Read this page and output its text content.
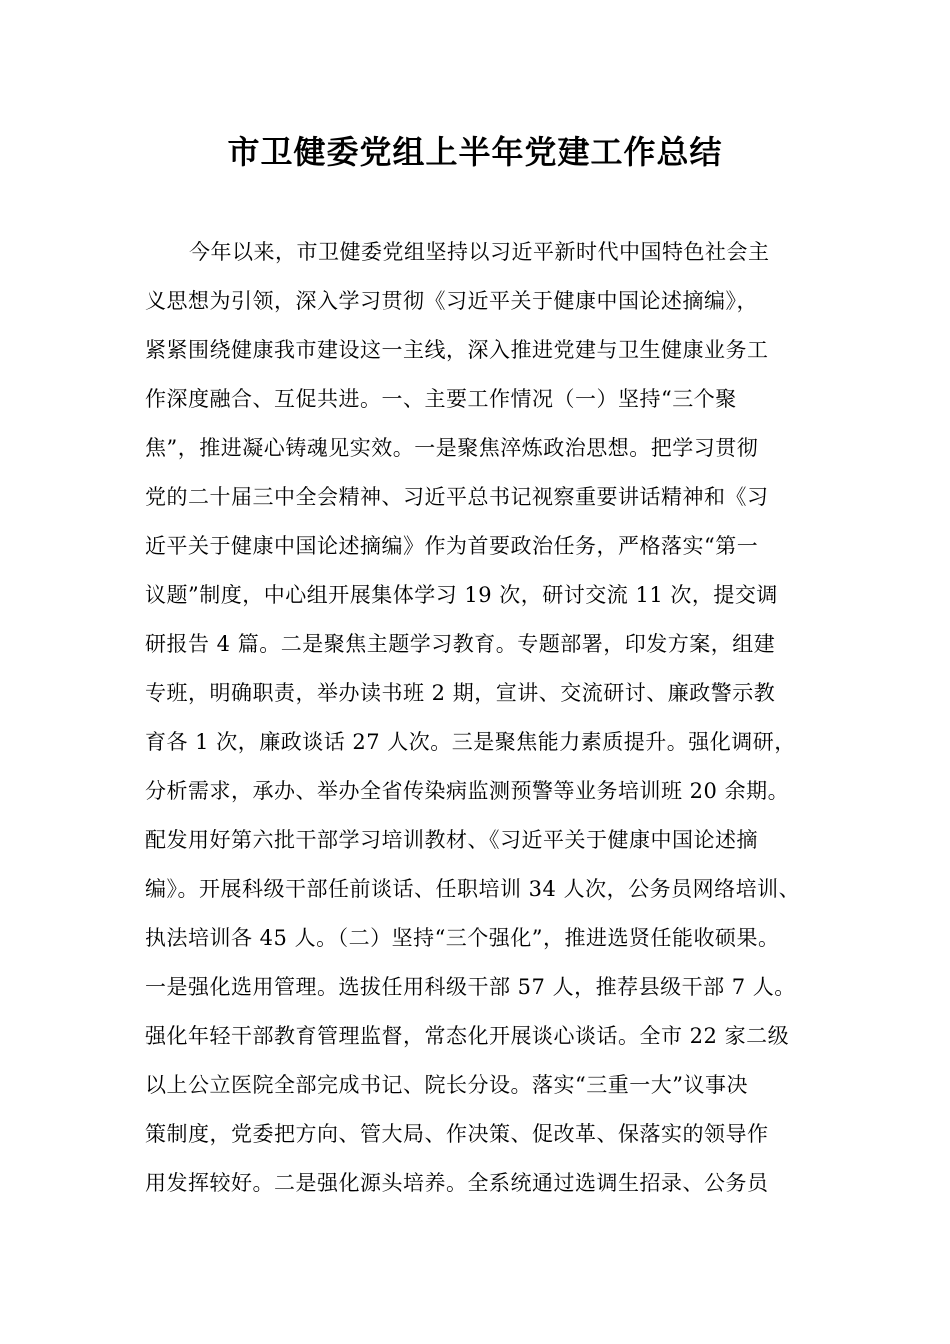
市卫健委党组上半年党建工作总结
今年以来，市卫健委党组坚持以习近平新时代中国特色社会主
义思想为引领，深入学习贯彻《习近平关于健康中国论述摘编》，
紧紧围绕健康我市建设这一主线，深入推进党建与卫生健康业务工
作深度融合、互促共进。一、主要工作情况（一）坚持“三个聚
焦”，推进凝心铸魂见实效。一是聚焦淬炼政治思想。把学习贯彻
党的二十届三中全会精神、习近平总书记视察重要讲话精神和《习
近平关于健康中国论述摘编》作为首要政治任务，严格落实“第一
议题”制度，中心组开展集体学习 19 次，研讨交流 11 次，提交调
研报告 4 篇。二是聚焦主题学习教育。专题部署，印发方案，组建
专班，明确职责，举办读书班 2 期，宣讲、交流研讨、廉政警示教
育各 1 次，廉政谈话 27 人次。三是聚焦能力素质提升。强化调研，
分析需求，承办、举办全省传染病监测预警等业务培训班 20 余期。
配发用好第六批干部学习培训教材、《习近平关于健康中国论述摘
编》。开展科级干部任前谈话、任职培训 34 人次，公务员网络培训、
执法培训各 45 人。（二）坚持“三个强化”，推进选贤任能收硕果。
一是强化选用管理。选拔任用科级干部 57 人，推荐县级干部 7 人。
强化年轻干部教育管理监督，常态化开展谈心谈话。全市 22 家二级
以上公立医院全部完成书记、院长分设。落实“三重一大”议事决
策制度，党委把方向、管大局、作决策、促改革、保落实的领导作
用发挥较好。二是强化源头培养。全系统通过选调生招录、公务员
